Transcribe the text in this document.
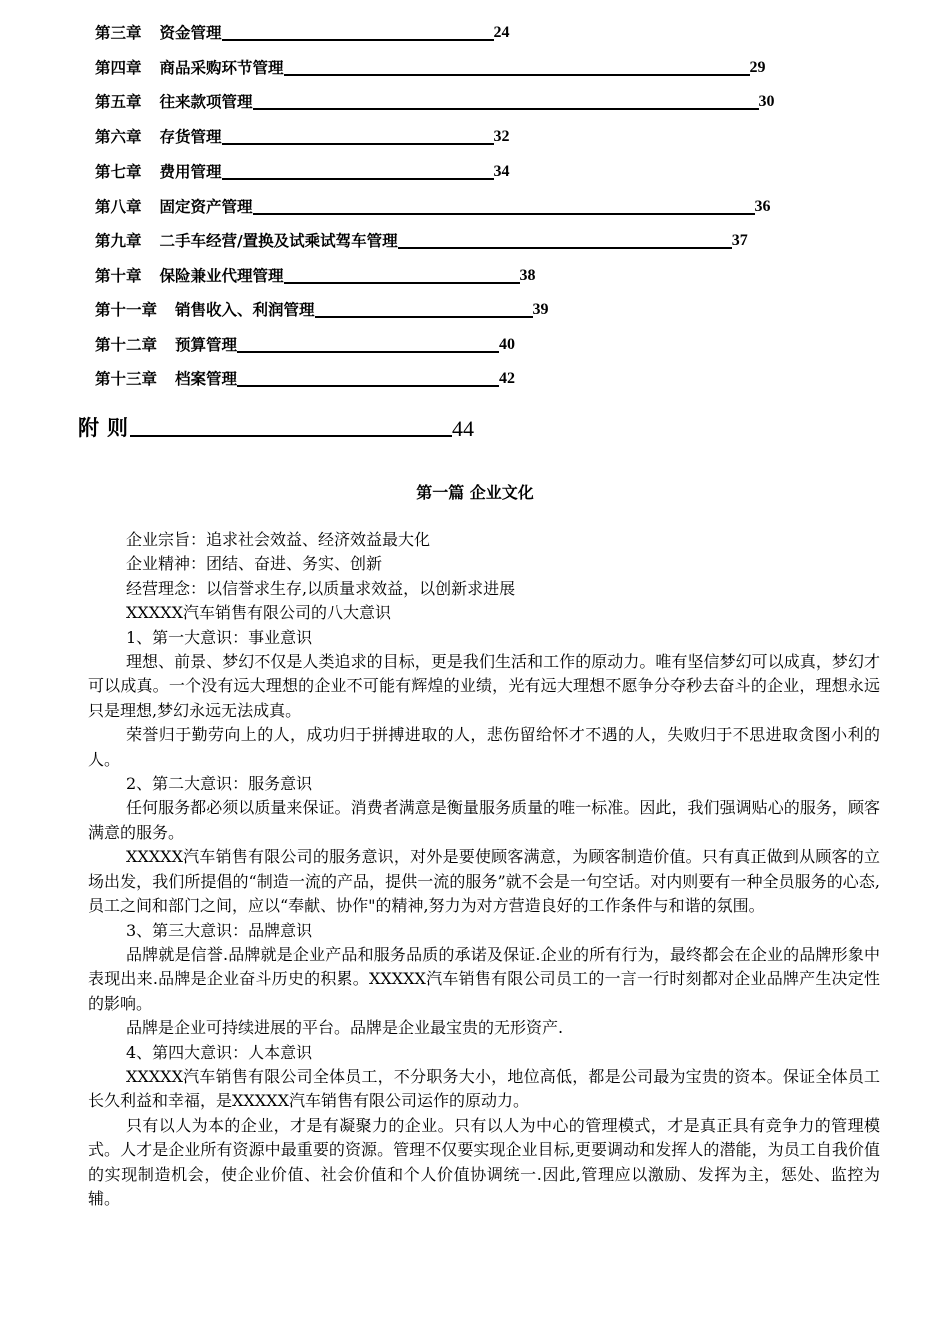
第三章 资金管理	24
第四章 商品采购环节管理	29
第五章 往来款项管理	30
第六章 存货管理	32
第七章 费用管理	34
第八章 固定资产管理	36
第九章 二手车经营/置换及试乘试驾车管理	37
第十章 保险兼业代理管理	38
第十一章 销售收入、利润管理	39
第十二章 预算管理	40
第十三章 档案管理	42
附则	44
第一篇 企业文化

企业宗旨：追求社会效益、经济效益最大化

企业精神：团结、奋进、务实、创新

经营理念：以信誉求生存,以质量求效益，以创新求进展

XXXXX汽车销售有限公司的八大意识

1、第一大意识：事业意识

理想、前景、梦幻不仅是人类追求的目标，更是我们生活和工作的原动力。唯有坚信梦幻可以成真，梦幻才可以成真。一个没有远大理想的企业不可能有辉煌的业绩，光有远大理想不愿争分夺秒去奋斗的企业，理想永远只是理想,梦幻永远无法成真。

荣誉归于勤劳向上的人，成功归于拼搏进取的人，悲伤留给怀才不遇的人，失败归于不思进取贪图小利的人。

2、第二大意识：服务意识

任何服务都必须以质量来保证。消费者满意是衡量服务质量的唯一标准。因此，我们强调贴心的服务，顾客满意的服务。

XXXXX汽车销售有限公司的服务意识，对外是要使顾客满意，为顾客制造价值。只有真正做到从顾客的立场出发，我们所提倡的“制造一流的产品，提供一流的服务”就不会是一句空话。对内则要有一种全员服务的心态,员工之间和部门之间，应以“奉献、协作"的精神,努力为对方营造良好的工作条件与和谐的氛围。

3、第三大意识：品牌意识

品牌就是信誉.品牌就是企业产品和服务品质的承诺及保证.企业的所有行为，最终都会在企业的品牌形象中表现出来.品牌是企业奋斗历史的积累。XXXXX汽车销售有限公司员工的一言一行时刻都对企业品牌产生决定性的影响。

品牌是企业可持续进展的平台。品牌是企业最宝贵的无形资产.

4、第四大意识：人本意识

XXXXX汽车销售有限公司全体员工，不分职务大小，地位高低，都是公司最为宝贵的资本。保证全体员工长久利益和幸福，是XXXXX汽车销售有限公司运作的原动力。

只有以人为本的企业，才是有凝聚力的企业。只有以人为中心的管理模式，才是真正具有竞争力的管理模式。人才是企业所有资源中最重要的资源。管理不仅要实现企业目标,更要调动和发挥人的潜能，为员工自我价值的实现制造机会，使企业价值、社会价值和个人价值协调统一.因此,管理应以激励、发挥为主，惩处、监控为辅。
